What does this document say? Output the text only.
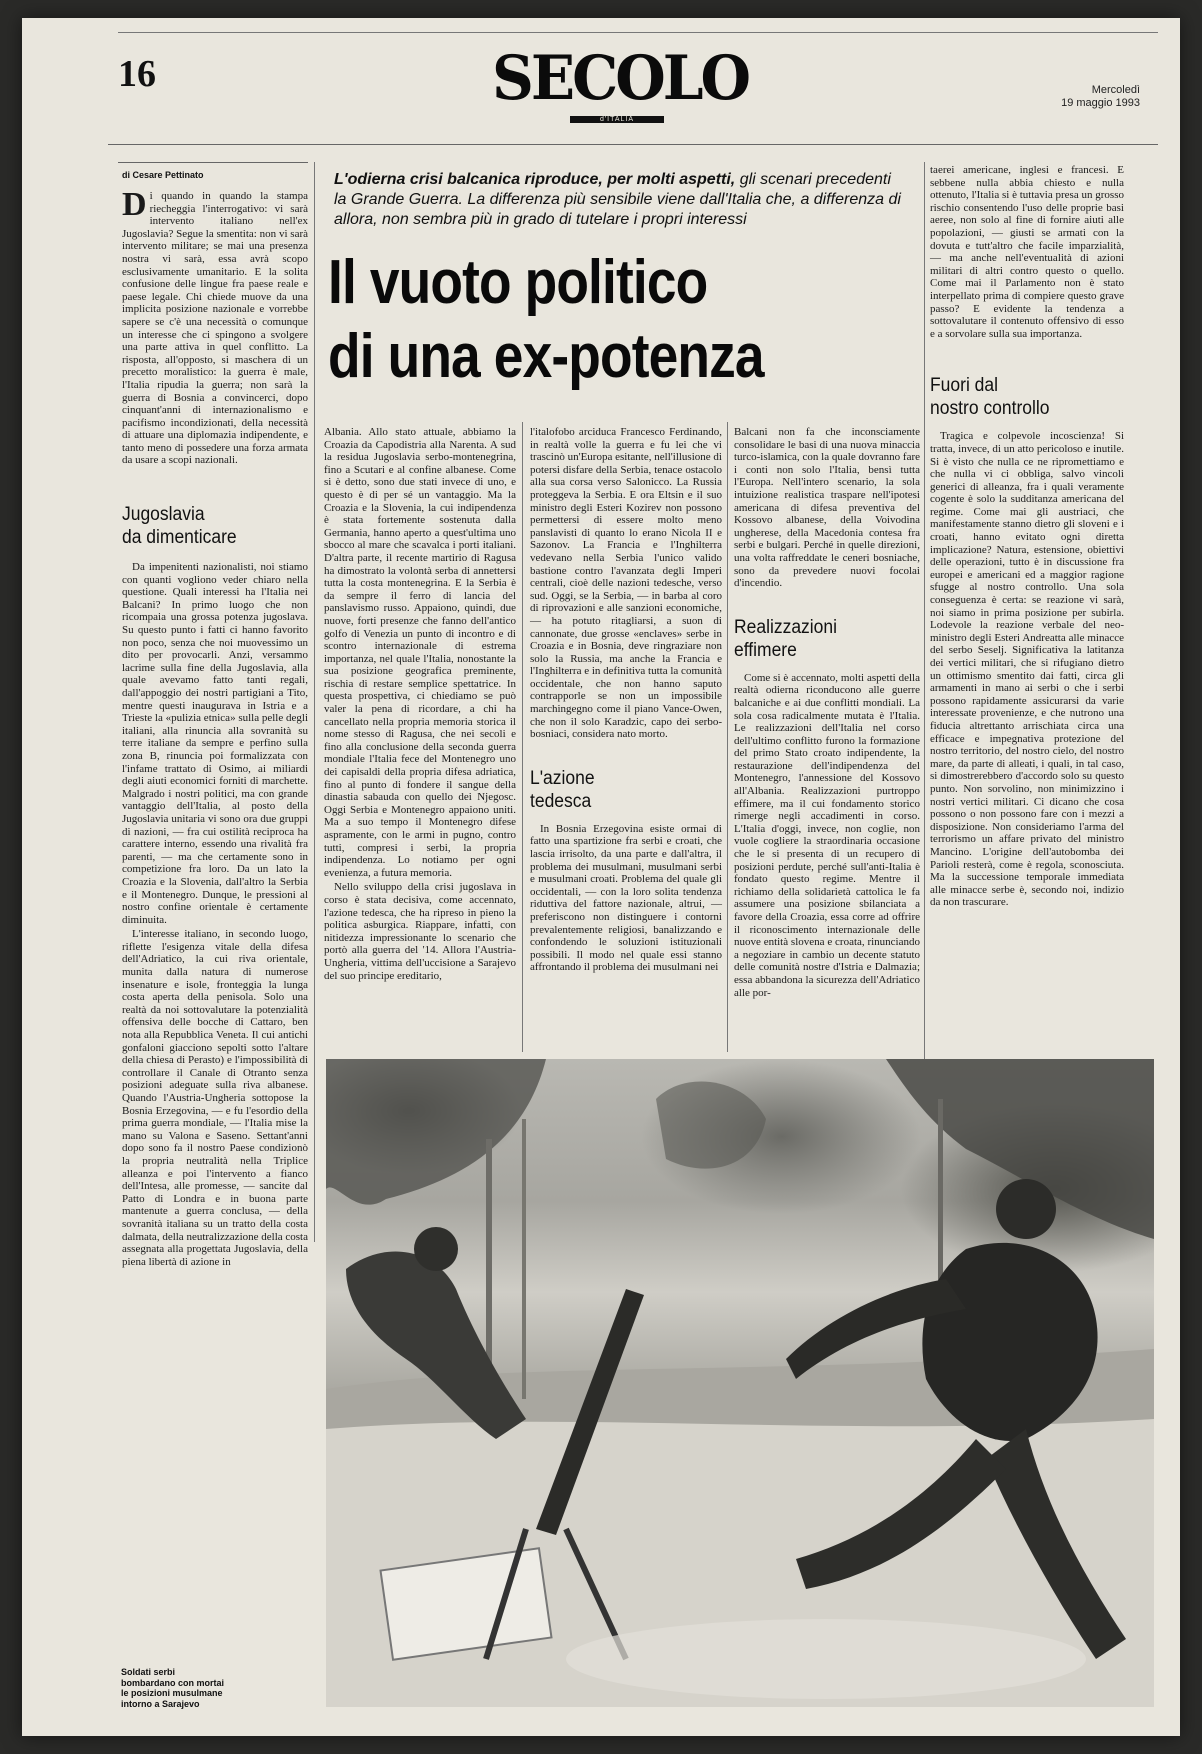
16	SECOLO
d'ITALIA
Mercoledì
19 maggio 1993
L'odierna crisi balcanica riproduce, per molti aspetti, gli scenari precedenti la Grande Guerra. La differenza più sensibile viene dall'Italia che, a differenza di allora, non sembra più in grado di tutelare i propri interessi
Il vuoto politico
di una ex-potenza
di Cesare Pettinato
Di quando in quando la stampa riecheggia l'interrogativo: vi sarà intervento italiano nell'ex Jugoslavia? Segue la smentita: non vi sarà intervento militare; se mai una presenza nostra vi sarà, essa avrà scopo esclusivamente umanitario. E la solita confusione delle lingue fra paese reale e paese legale. Chi chiede muove da una implicita posizione nazionale e vorrebbe sapere se c'è una necessità o comunque un interesse che ci spingono a svolgere una parte attiva in quel conflitto. La risposta, all'opposto, si maschera di un precetto moralistico: la guerra è male, l'Italia ripudia la guerra; non sarà la guerra di Bosnia a convincerci, dopo cinquant'anni di internazionalismo e pacifismo incondizionati, della necessità di attuare una diplomazia indipendente, e tanto meno di possedere una forza armata da usare a scopi nazionali.
Jugoslavia
da dimenticare

Da impenitenti nazionalisti, noi stiamo con quanti vogliono veder chiaro nella questione. Quali interessi ha l'Italia nei Balcani? In primo luogo che non ricompaia una grossa potenza jugoslava. Su questo punto i fatti ci hanno favorito non poco, senza che noi muovessimo un dito per provocarli. Anzi, versammo lacrime sulla fine della Jugoslavia, alla quale avevamo fatto tanti regali, dall'appoggio dei nostri partigiani a Tito, mentre questi inaugurava in Istria e a Trieste la «pulizia etnica» sulla pelle degli italiani, alla rinuncia alla sovranità su terre italiane da sempre e perfino sulla zona B, rinuncia poi formalizzata con l'infame trattato di Osimo, ai miliardi degli aiuti economici forniti di marchette. Malgrado i nostri politici, ma con grande vantaggio dell'Italia, al posto della Jugoslavia unitaria vi sono ora due gruppi di nazioni, — fra cui ostilità reciproca ha carattere interno, essendo una rivalità fra parenti, — ma che certamente sono in competizione fra loro. Da un lato la Croazia e la Slovenia, dall'altro la Serbia e il Montenegro. Dunque, le pressioni al nostro confine orientale è certamente diminuita.

L'interesse italiano, in secondo luogo, riflette l'esigenza vitale della difesa dell'Adriatico, la cui riva orientale, munita dalla natura di numerose insenature e isole, fronteggia la lunga costa aperta della penisola. Solo una realtà da noi sottovalutare la potenzialità offensiva delle bocche di Cattaro, ben nota alla Repubblica Veneta. Il cui antichi gonfaloni giacciono sepolti sotto l'altare della chiesa di Perasto) e l'impossibilità di controllare il Canale di Otranto senza posizioni adeguate sulla riva albanese. Quando l'Austria-Ungheria sottopose la Bosnia Erzegovina, — e fu l'esordio della prima guerra mondiale, — l'Italia mise la mano su Valona e Saseno. Settant'anni dopo sono fa il nostro Paese condizionò la propria neutralità nella Triplice alleanza e poi l'intervento a fianco dell'Intesa, alle promesse, — sancite dal Patto di Londra e in buona parte mantenute a guerra conclusa, — della sovranità italiana su un tratto della costa dalmata, della neutralizzazione della costa assegnata alla progettata Jugoslavia, della piena libertà di azione in

Albania. Allo stato attuale, abbiamo la Croazia da Capodistria alla Narenta. A sud la residua Jugoslavia serbo-montenegrina, fino a Scutari e al confine albanese. Come si è detto, sono due stati invece di uno, e questo è di per sé un vantaggio. Ma la Croazia e la Slovenia, la cui indipendenza è stata fortemente sostenuta dalla Germania, hanno aperto a quest'ultima uno sbocco al mare che scavalca i porti italiani. D'altra parte, il recente martirio di Ragusa ha dimostrato la volontà serba di annettersi tutta la costa montenegrina. E la Serbia è da sempre il ferro di lancia del panslavismo russo. Appaiono, quindi, due nuove, forti presenze che fanno dell'antico golfo di Venezia un punto di incontro e di scontro internazionale di estrema importanza, nel quale l'Italia, nonostante la sua posizione geografica preminente, rischia di restare semplice spettatrice. In questa prospettiva, ci chiediamo se può valer la pena di ricordare, a chi ha cancellato nella propria memoria storica il nome stesso di Ragusa, che nei secoli e fino alla conclusione della seconda guerra mondiale l'Italia fece del Montenegro uno dei capisaldi della propria difesa adriatica, fino al punto di fondere il sangue della dinastia sabauda con quello dei Njegosc. Oggi Serbia e Montenegro appaiono uniti. Ma a suo tempo il Montenegro difese aspramente, con le armi in pugno, contro tutti, compresi i serbi, la propria indipendenza. Lo notiamo per ogni evenienza, a futura memoria.

Nello sviluppo della crisi jugoslava in corso è stata decisiva, come accennato, l'azione tedesca, che ha ripreso in pieno la politica asburgica. Riappare, infatti, con nitidezza impressionante lo scenario che portò alla guerra del '14. Allora l'Austria-Ungheria, vittima dell'uccisione a Sarajevo del suo principe ereditario,

l'italofobo arciduca Francesco Ferdinando, in realtà volle la guerra e fu lei che vi trascinò un'Europa esitante, nell'illusione di potersi disfare della Serbia, tenace ostacolo alla sua corsa verso Salonicco. La Russia proteggeva la Serbia. E ora Eltsin e il suo ministro degli Esteri Kozirev non possono permettersi di essere molto meno panslavisti di quanto lo erano Nicola II e Sazonov. La Francia e l'Inghilterra vedevano nella Serbia l'unico valido bastione contro l'avanzata degli Imperi centrali, cioè delle nazioni tedesche, verso sud. Oggi, se la Serbia, — in barba al coro di riprovazioni e alle sanzioni economiche, — ha potuto ritagliarsi, a suon di cannonate, due grosse «enclaves» serbe in Croazia e in Bosnia, deve ringraziare non solo la Russia, ma anche la Francia e l'Inghilterra e in definitiva tutta la comunità occidentale, che non hanno saputo contrapporle se non un impossibile marchingegno come il piano Vance-Owen, che non il solo Karadzic, capo dei serbo-bosniaci, considera nato morto.

L'azione
tedesca

In Bosnia Erzegovina esiste ormai di fatto una spartizione fra serbi e croati, che lascia irrisolto, da una parte e dall'altra, il problema dei musulmani, musulmani serbi e musulmani croati. Problema del quale gli occidentali, — con la loro solita tendenza riduttiva del fattore nazionale, altrui, — preferiscono non distinguere i contorni prevalentemente religiosi, banalizzando e confondendo le soluzioni istituzionali possibili. Il modo nel quale essi stanno affrontando il problema dei musulmani nei

Balcani non fa che inconsciamente consolidare le basi di una nuova minaccia turco-islamica, con la quale dovranno fare i conti non solo l'Italia, bensì tutta l'Europa. Nell'intero scenario, la sola intuizione realistica traspare nell'ipotesi americana di difesa preventiva del Kossovo albanese, della Voivodina ungherese, della Macedonia contesa fra serbi e bulgari. Perché in quelle direzioni, una volta raffreddate le ceneri bosniache, sono da prevedere nuovi focolai d'incendio.

Realizzazioni
effimere

Come si è accennato, molti aspetti della realtà odierna riconducono alle guerre balcaniche e ai due conflitti mondiali. La sola cosa radicalmente mutata è l'Italia. Le realizzazioni dell'Italia nel corso dell'ultimo conflitto furono la formazione del primo Stato croato indipendente, la restaurazione dell'indipendenza del Montenegro, l'annessione del Kossovo all'Albania. Realizzazioni purtroppo effimere, ma il cui fondamento storico rimerge negli accadimenti in corso. L'Italia d'oggi, invece, non coglie, non vuole cogliere la straordinaria occasione che le si presenta di un recupero di posizioni perdute, perché sull'anti-Italia è fondato questo regime. Mentre il richiamo della solidarietà cattolica le fa assumere una posizione sbilanciata a favore della Croazia, essa corre ad offrire il riconoscimento internazionale delle nuove entità slovena e croata, rinunciando a negoziare in cambio un decente statuto delle comunità nostre d'Istria e Dalmazia; essa abbandona la sicurezza dell'Adriatico alle por-

taerei americane, inglesi e francesi. E sebbene nulla abbia chiesto e nulla ottenuto, l'Italia si è tuttavia presa un grosso rischio consentendo l'uso delle proprie basi aeree, non solo al fine di fornire aiuti alle popolazioni, — giusti se armati con la dovuta e tutt'altro che facile imparzialità, — ma anche nell'eventualità di azioni militari di altri contro questo o quello. Come mai il Parlamento non è stato interpellato prima di compiere questo grave passo? E evidente la tendenza a sottovalutare il contenuto offensivo di esso e a sorvolare sulla sua importanza.

Fuori dal
nostro controllo

Tragica e colpevole incoscienza! Si tratta, invece, di un atto pericoloso e inutile. Si è visto che nulla ce ne ripromettiamo e che nulla vi ci obbliga, salvo vincoli generici di alleanza, fra i quali veramente cogente è solo la sudditanza americana del regime. Come mai gli austriaci, che manifestamente stanno dietro gli sloveni e i croati, hanno evitato ogni diretta implicazione? Natura, estensione, obiettivi delle operazioni, tutto è in discussione fra europei e americani ed a maggior ragione sfugge al nostro controllo. Una sola conseguenza è certa: se reazione vi sarà, noi siamo in prima posizione per subirla. Lodevole la reazione verbale del neo-ministro degli Esteri Andreatta alle minacce del serbo Seselj. Significativa la latitanza dei vertici militari, che si rifugiano dietro un ottimismo smentito dai fatti, circa gli armamenti in mano ai serbi o che i serbi possono rapidamente assicurarsi da varie interessate provenienze, e che nutrono una fiducia altrettanto arrischiata circa una efficace e impegnativa protezione del nostro territorio, del nostro cielo, del nostro mare, da parte di alleati, i quali, in tal caso, si dimostrerebbero d'accordo solo su questo punto. Non sorvolino, non minimizzino i nostri vertici militari. Ci dicano che cosa possono o non possono fare con i mezzi a disposizione. Non consideriamo l'arma del terrorismo un affare privato del ministro Mancino. L'origine dell'autobomba dei Parioli resterà, come è regola, sconosciuta. Ma la successione temporale immediata alle minacce serbe è, secondo noi, indizio da non trascurare.

Soldati serbi bombardano con mortai le posizioni musulmane intorno a Sarajevo
